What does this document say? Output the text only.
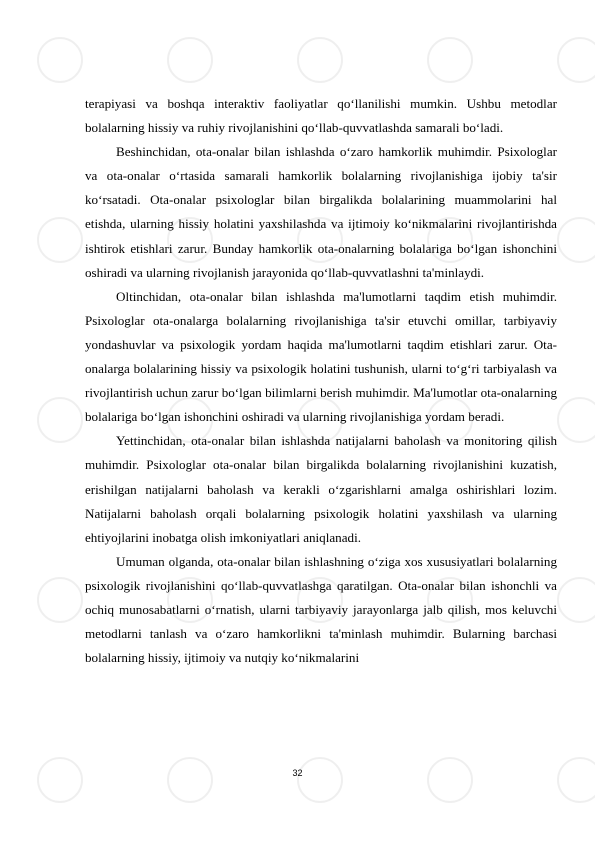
terapiyasi va boshqa interaktiv faoliyatlar qo‘llanilishi mumkin. Ushbu metodlar bolalarning hissiy va ruhiy rivojlanishini qo‘llab-quvvatlashda samarali bo‘ladi.

Beshinchidan, ota-onalar bilan ishlashda o‘zaro hamkorlik muhimdir. Psixologlar va ota-onalar o‘rtasida samarali hamkorlik bolalarning rivojlanishiga ijobiy ta'sir ko‘rsatadi. Ota-onalar psixologlar bilan birgalikda bolalarining muammolarini hal etishda, ularning hissiy holatini yaxshilashda va ijtimoiy ko‘nikmalarini rivojlantirishda ishtirok etishlari zarur. Bunday hamkorlik ota-onalarning bolalariga bo‘lgan ishonchini oshiradi va ularning rivojlanish jarayonida qo‘llab-quvvatlashni ta'minlaydi.

Oltinchidan, ota-onalar bilan ishlashda ma'lumotlarni taqdim etish muhimdir. Psixologlar ota-onalarga bolalarning rivojlanishiga ta'sir etuvchi omillar, tarbiyaviy yondashuvlar va psixologik yordam haqida ma'lumotlarni taqdim etishlari zarur. Ota-onalarga bolalarining hissiy va psixologik holatini tushunish, ularni to‘g‘ri tarbiyalash va rivojlantirish uchun zarur bo‘lgan bilimlarni berish muhimdir. Ma'lumotlar ota-onalarning bolalariga bo‘lgan ishonchini oshiradi va ularning rivojlanishiga yordam beradi.

Yettinchidan, ota-onalar bilan ishlashda natijalarni baholash va monitoring qilish muhimdir. Psixologlar ota-onalar bilan birgalikda bolalarning rivojlanishini kuzatish, erishilgan natijalarni baholash va kerakli o‘zgarishlarni amalga oshirishlari lozim. Natijalarni baholash orqali bolalarning psixologik holatini yaxshilash va ularning ehtiyojlarini inobatga olish imkoniyatlari aniqlanadi.

Umuman olganda, ota-onalar bilan ishlashning o‘ziga xos xususiyatlari bolalarning psixologik rivojlanishini qo‘llab-quvvatlashga qaratilgan. Ota-onalar bilan ishonchli va ochiq munosabatlarni o‘rnatish, ularni tarbiyaviy jarayonlarga jalb qilish, mos keluvchi metodlarni tanlash va o‘zaro hamkorlikni ta'minlash muhimdir. Bularning barchasi bolalarning hissiy, ijtimoiy va nutqiy ko‘nikmalarini

32
